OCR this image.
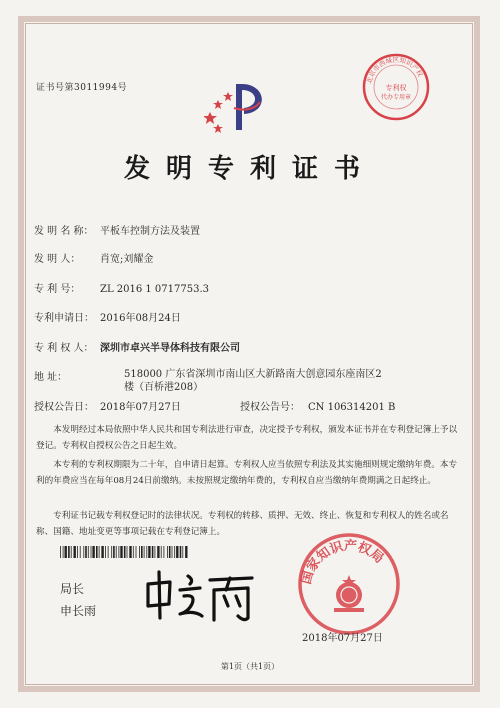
证书号第3011994号
北京市西城区知识产权
专利权
代办专用章
发明专利证书
发 明 名 称： 平板车控制方法及装置
发 明 人： 肖宽;刘耀金
专 利 号： ZL 2016 1 0717753.3
专利申请日： 2016年08月24日
专 利 权 人： 深圳市卓兴半导体科技有限公司
地 址：	518000 广东省深圳市南山区大新路南大创意园东座南区2楼（百桥港208）
授权公告日： 2018年07月27日	授权公告号： CN 106314201 B
本发明经过本局依照中华人民共和国专利法进行审查，决定授予专利权，颁发本证书并在专利登记簿上予以登记。专利权自授权公告之日起生效。
本专利的专利权期限为二十年，自申请日起算。专利权人应当依照专利法及其实施细则规定缴纳年费。本专利的年费应当在每年08月24日前缴纳。未按照规定缴纳年费的，专利权自应当缴纳年费期满之日起终止。
专利证书记载专利权登记时的法律状况。专利权的转移、质押、无效、终止、恢复和专利权人的姓名或名称、国籍、地址变更等事项记载在专利登记簿上。
局长
申长雨
国家知识产权局
2018年07月27日
第1页（共1页）
